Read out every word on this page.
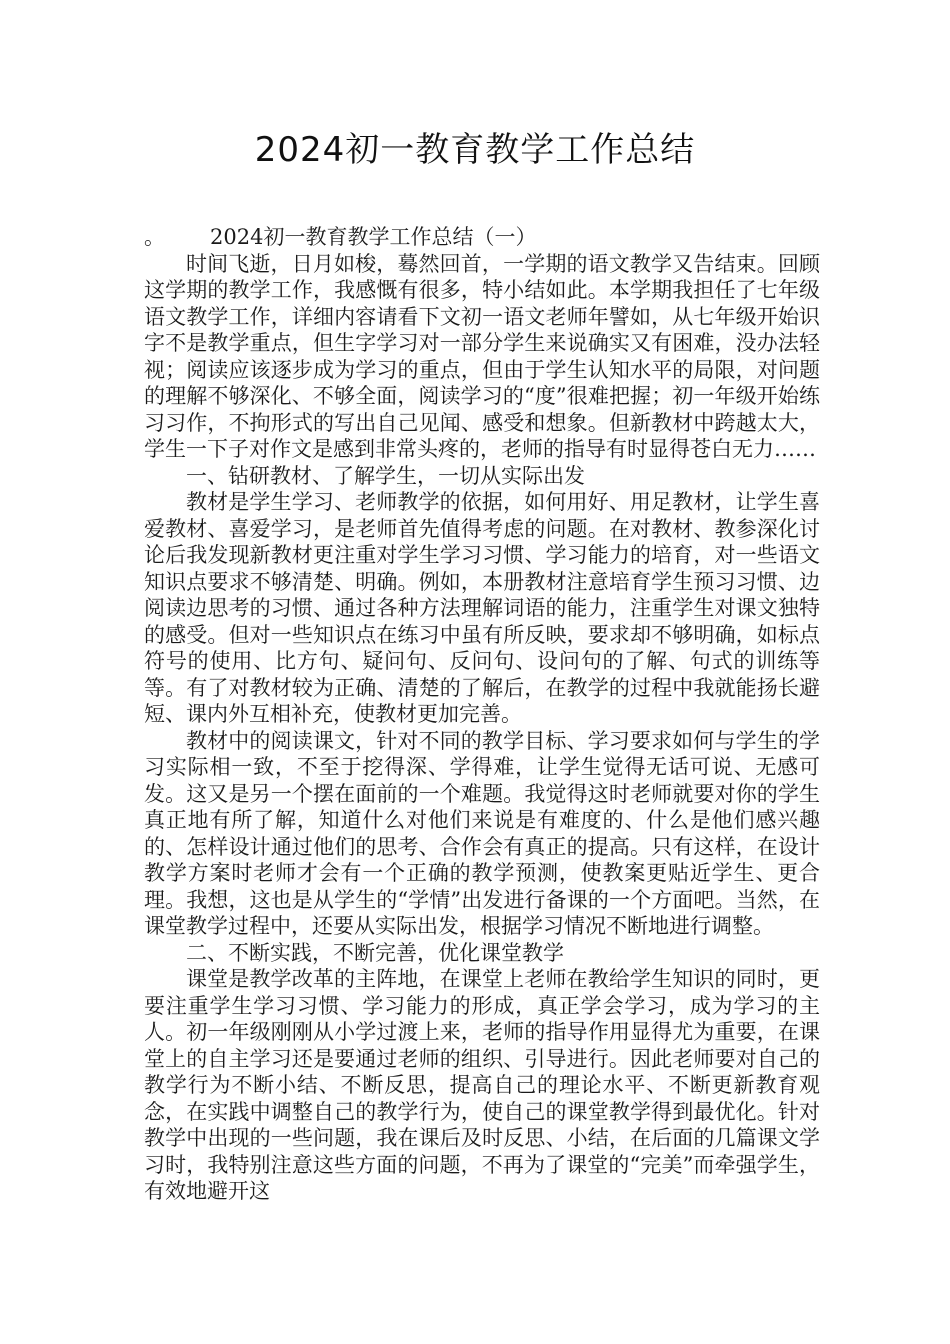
2024初一教育教学工作总结

。 2024初一教育教学工作总结（一）

时间飞逝，日月如梭，蓦然回首，一学期的语文教学又告结束。回顾这学期的教学工作，我感慨有很多，特小结如此。本学期我担任了七年级语文教学工作，详细内容请看下文初一语文老师年譬如，从七年级开始识字不是教学重点，但生字学习对一部分学生来说确实又有困难，没办法轻视；阅读应该逐步成为学习的重点，但由于学生认知水平的局限，对问题的理解不够深化、不够全面，阅读学习的“度”很难把握；初一年级开始练习习作，不拘形式的写出自己见闻、感受和想象。但新教材中跨越太大，学生一下子对作文是感到非常头疼的，老师的指导有时显得苍白无力……

一、钻研教材、了解学生，一切从实际出发

教材是学生学习、老师教学的依据，如何用好、用足教材，让学生喜爱教材、喜爱学习，是老师首先值得考虑的问题。在对教材、教参深化讨论后我发现新教材更注重对学生学习习惯、学习能力的培育，对一些语文知识点要求不够清楚、明确。例如，本册教材注意培育学生预习习惯、边阅读边思考的习惯、通过各种方法理解词语的能力，注重学生对课文独特的感受。但对一些知识点在练习中虽有所反映，要求却不够明确，如标点符号的使用、比方句、疑问句、反问句、设问句的了解、句式的训练等等。有了对教材较为正确、清楚的了解后，在教学的过程中我就能扬长避短、课内外互相补充，使教材更加完善。

教材中的阅读课文，针对不同的教学目标、学习要求如何与学生的学习实际相一致，不至于挖得深、学得难，让学生觉得无话可说、无感可发。这又是另一个摆在面前的一个难题。我觉得这时老师就要对你的学生真正地有所了解，知道什么对他们来说是有难度的、什么是他们感兴趣的、怎样设计通过他们的思考、合作会有真正的提高。只有这样，在设计教学方案时老师才会有一个正确的教学预测，使教案更贴近学生、更合理。我想，这也是从学生的“学情”出发进行备课的一个方面吧。当然，在课堂教学过程中，还要从实际出发，根据学习情况不断地进行调整。

二、不断实践，不断完善，优化课堂教学

课堂是教学改革的主阵地，在课堂上老师在教给学生知识的同时，更要注重学生学习习惯、学习能力的形成，真正学会学习，成为学习的主人。初一年级刚刚从小学过渡上来，老师的指导作用显得尤为重要，在课堂上的自主学习还是要通过老师的组织、引导进行。因此老师要对自己的教学行为不断小结、不断反思，提高自己的理论水平、不断更新教育观念，在实践中调整自己的教学行为，使自己的课堂教学得到最优化。针对教学中出现的一些问题，我在课后及时反思、小结，在后面的几篇课文学习时，我特别注意这些方面的问题，不再为了课堂的“完美”而牵强学生，有效地避开这
